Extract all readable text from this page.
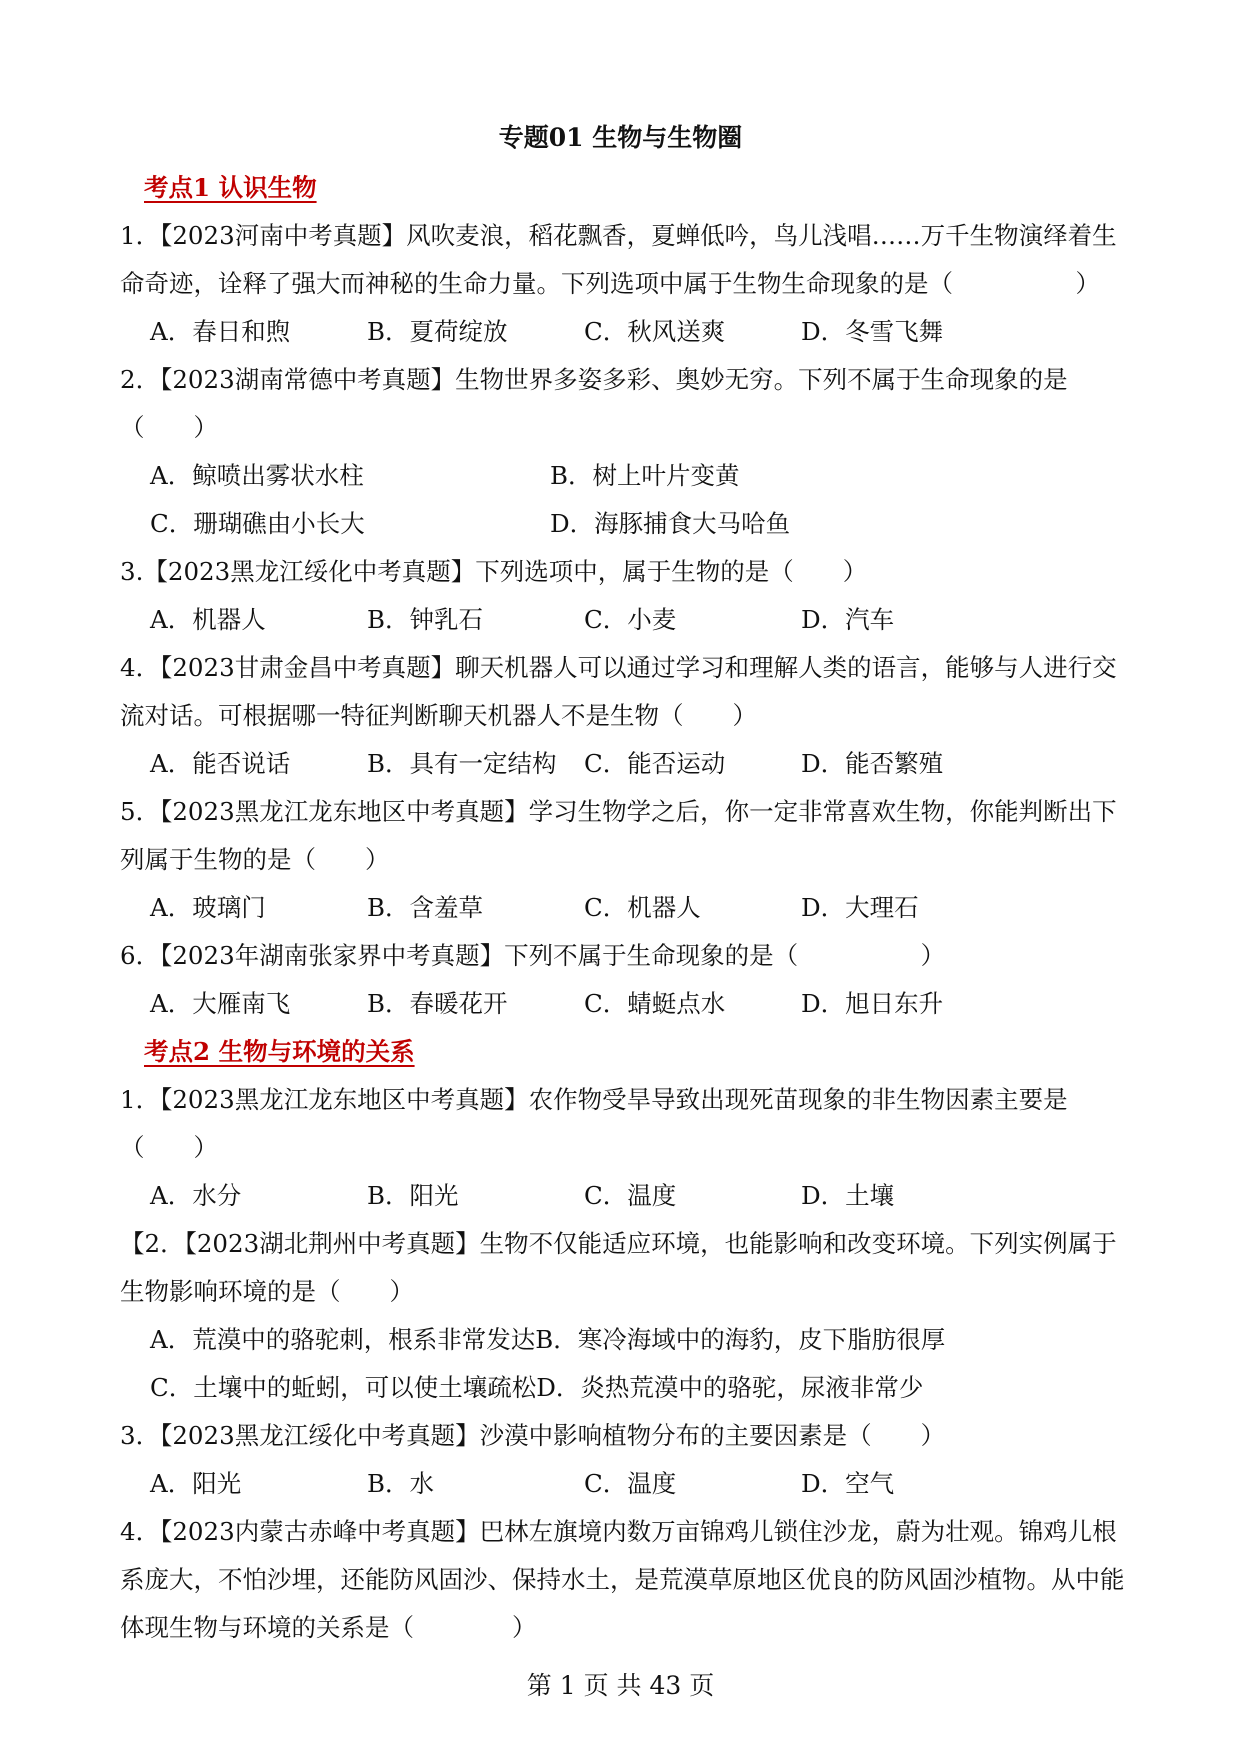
专题01 生物与生物圈
考点1 认识生物
1．【2023河南中考真题】风吹麦浪，稻花飘香，夏蝉低吟，鸟儿浅唱……万千生物演绎着生命奇迹，诠释了强大而神秘的生命力量。下列选项中属于生物生命现象的是（　　　　　）
A．春日和煦	B．夏荷绽放	C．秋风送爽	D．冬雪飞舞
2．【2023湖南常德中考真题】生物世界多姿多彩、奥妙无穷。下列不属于生命现象的是（　　）
A．鲸喷出雾状水柱	B．树上叶片变黄
C．珊瑚礁由小长大	D．海豚捕食大马哈鱼
3.【2023黑龙江绥化中考真题】下列选项中，属于生物的是（　　）
A．机器人	B．钟乳石	C．小麦	D．汽车
4．【2023甘肃金昌中考真题】聊天机器人可以通过学习和理解人类的语言，能够与人进行交流对话。可根据哪一特征判断聊天机器人不是生物（　　）
A．能否说话	B．具有一定结构	C．能否运动	D．能否繁殖
5．【2023黑龙江龙东地区中考真题】学习生物学之后，你一定非常喜欢生物，你能判断出下列属于生物的是（　　）
A．玻璃门	B．含羞草	C．机器人	D．大理石
6．【2023年湖南张家界中考真题】下列不属于生命现象的是（　　　　　）
A．大雁南飞	B．春暖花开	C．蜻蜓点水	D．旭日东升
考点2 生物与环境的关系
1．【2023黑龙江龙东地区中考真题】农作物受旱导致出现死苗现象的非生物因素主要是（　　）
A．水分	B．阳光	C．温度	D．土壤
【2．【2023湖北荆州中考真题】生物不仅能适应环境，也能影响和改变环境。下列实例属于生物影响环境的是（　　）
A．荒漠中的骆驼刺，根系非常发达 B．寒冷海域中的海豹，皮下脂肪很厚
C．土壤中的蚯蚓，可以使土壤疏松 D．炎热荒漠中的骆驼，尿液非常少
3．【2023黑龙江绥化中考真题】沙漠中影响植物分布的主要因素是（　　）
A．阳光	B．水	C．温度	D．空气
4．【2023内蒙古赤峰中考真题】巴林左旗境内数万亩锦鸡儿锁住沙龙，蔚为壮观。锦鸡儿根系庞大，不怕沙埋，还能防风固沙、保持水土，是荒漠草原地区优良的防风固沙植物。从中能体现生物与环境的关系是（　　　　）
第 1 页 共 43 页
